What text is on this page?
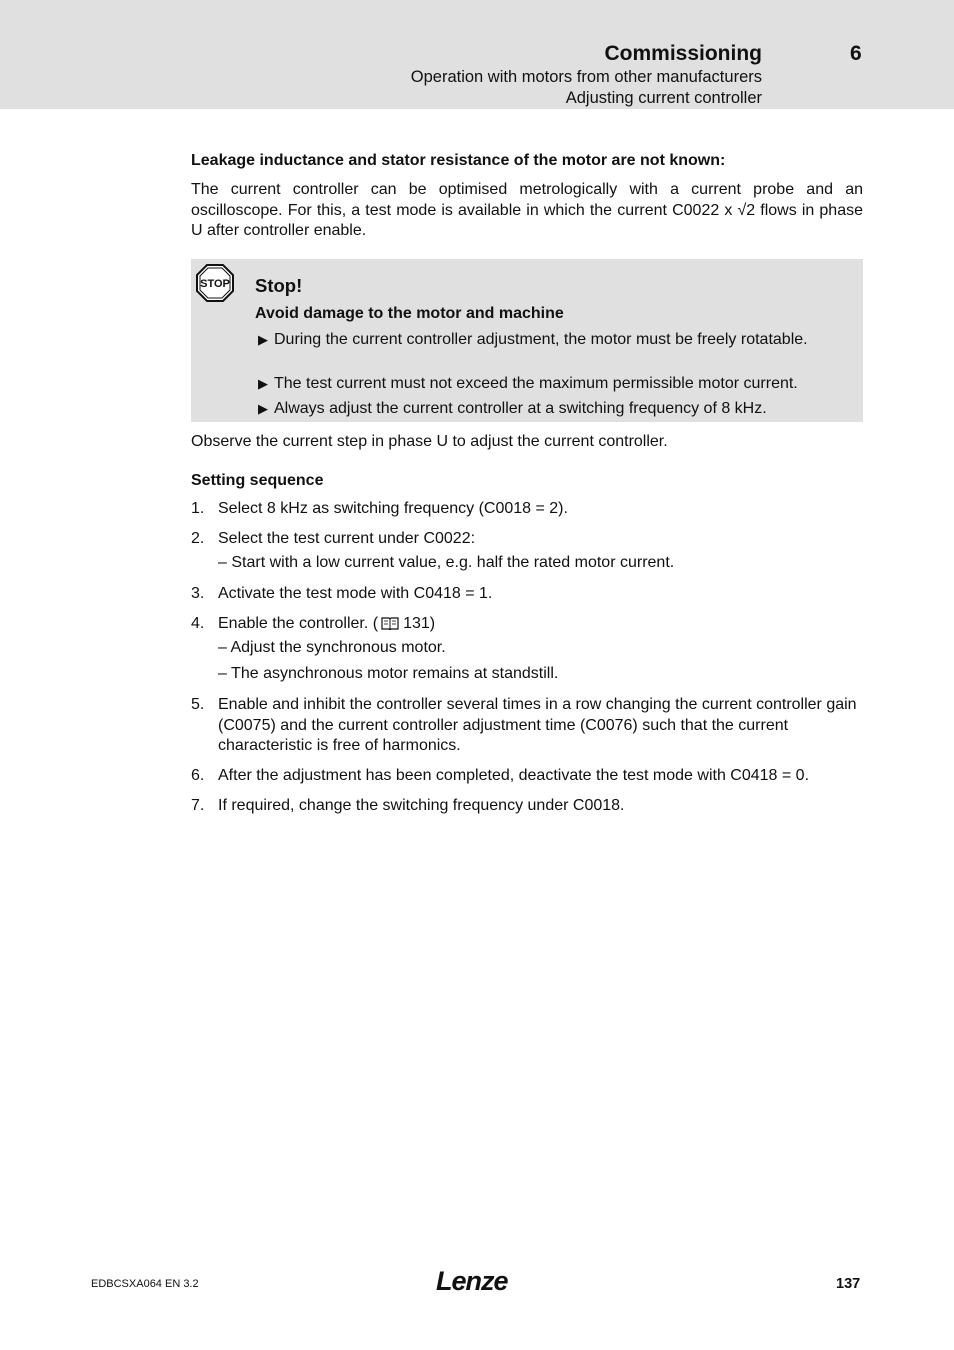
Commissioning	6
Operation with motors from other manufacturers
Adjusting current controller
Leakage inductance and stator resistance of the motor are not known:
The current controller can be optimised metrologically with a current probe and an oscilloscope. For this, a test mode is available in which the current C0022 x √2 flows in phase U after controller enable.
STOP Stop!
Avoid damage to the motor and machine
▶ During the current controller adjustment, the motor must be freely rotatable.
▶ The test current must not exceed the maximum permissible motor current.
▶ Always adjust the current controller at a switching frequency of 8 kHz.
Observe the current step in phase U to adjust the current controller.
Setting sequence
1. Select 8 kHz as switching frequency (C0018 = 2).
2. Select the test current under C0022:
– Start with a low current value, e.g. half the rated motor current.
3. Activate the test mode with C0418 = 1.
4. Enable the controller. ( 131)
– Adjust the synchronous motor.
– The asynchronous motor remains at standstill.
5. Enable and inhibit the controller several times in a row changing the current controller gain (C0075) and the current controller adjustment time (C0076) such that the current characteristic is free of harmonics.
6. After the adjustment has been completed, deactivate the test mode with C0418 = 0.
7. If required, change the switching frequency under C0018.
EDBCSXA064 EN 3.2	Lenze	137
